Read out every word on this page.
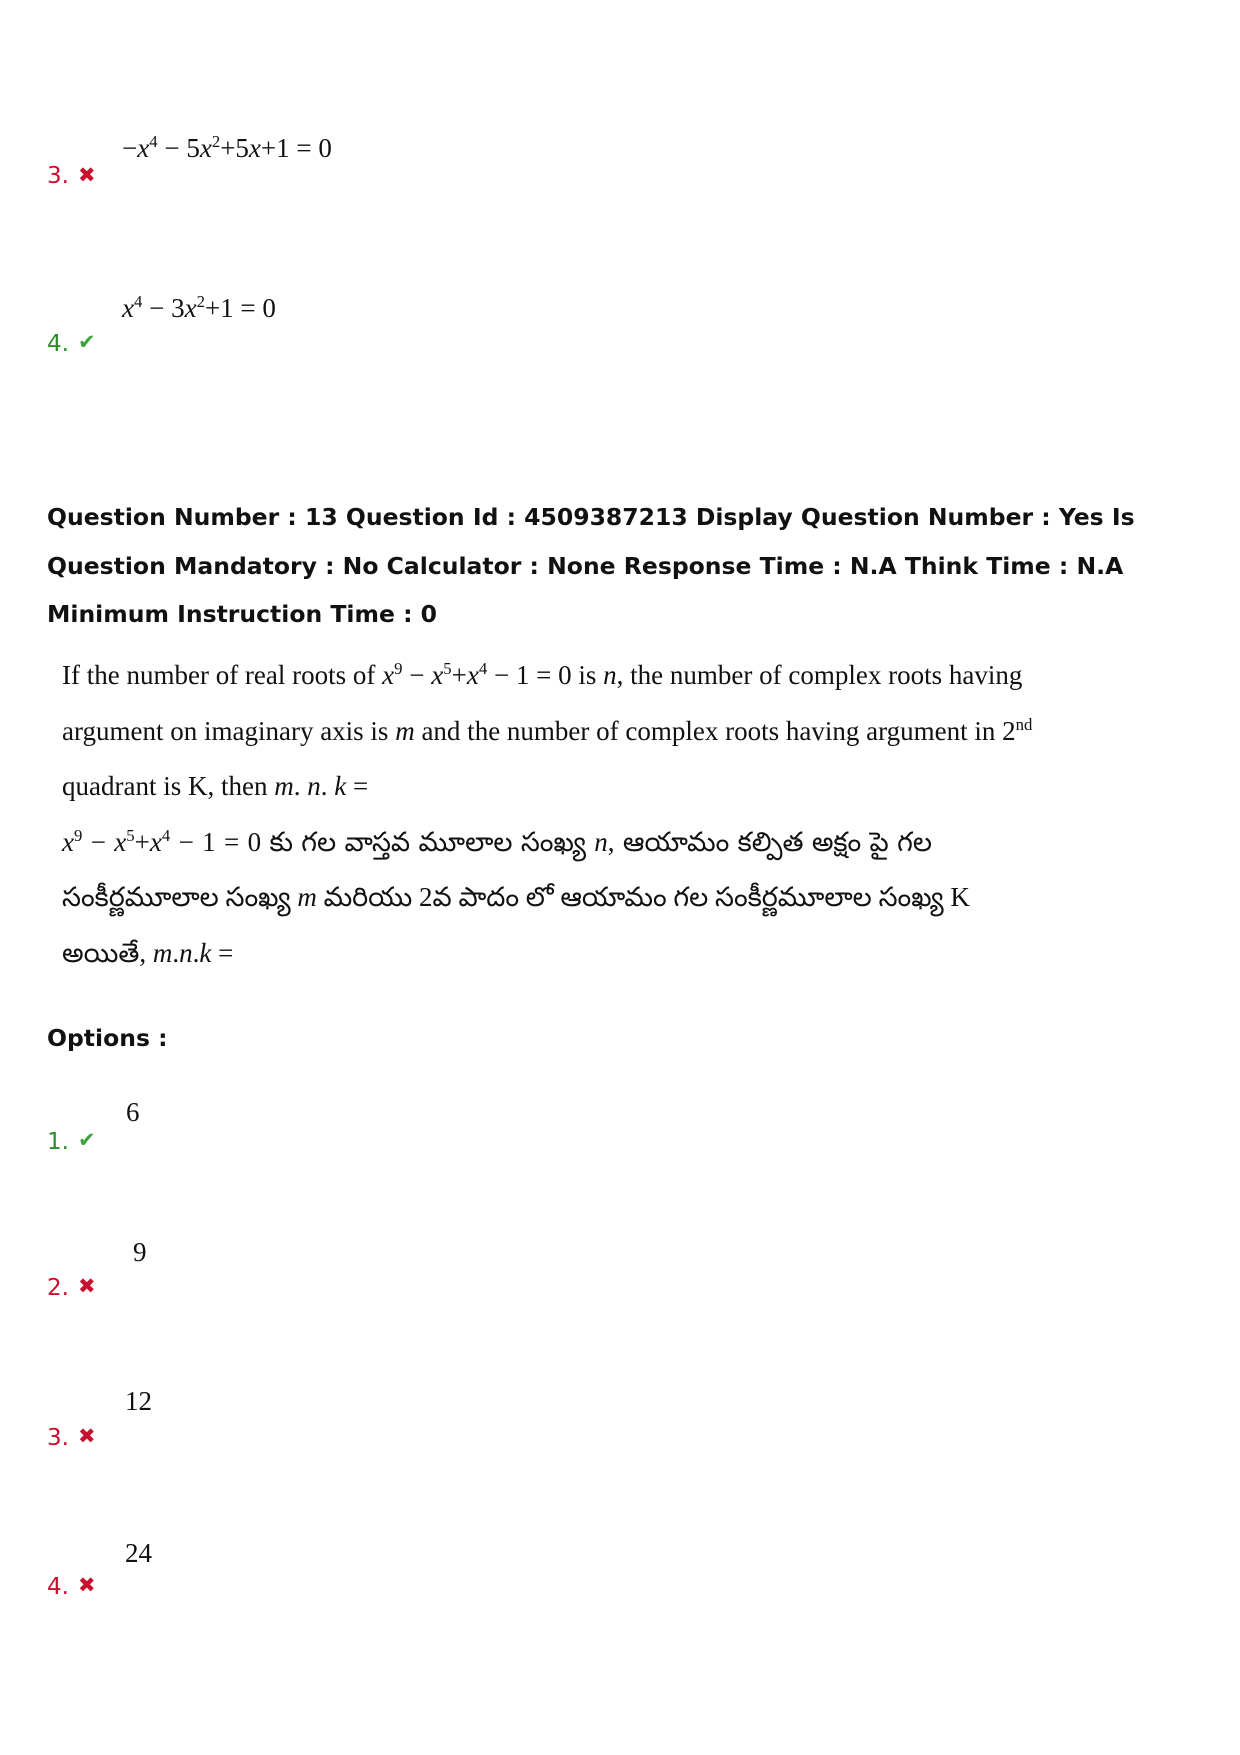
$-x^4 - 5x^2+5x+1 = 0$
3. ✖
$x^4 - 3x^2+1 = 0$
4. ✔
Question Number : 13 Question Id : 4509387213 Display Question Number : Yes Is Question Mandatory : No Calculator : None Response Time : N.A Think Time : N.A Minimum Instruction Time : 0
If the number of real roots of $x^9 - x^5+x^4 - 1 = 0$ is n, the number of complex roots having
argument on imaginary axis is m and the number of complex roots having argument in 2nd
quadrant is K, then m. n. k =
$x^9 - x^5+x^4 - 1 = 0$ కు గల వాస్తవ మూలాల సంఖ్య n, ఆయామం కల్పిత అక్షం పై గల
సంకీర్ణమూలాల సంఖ్య m మరియు 2వ పాదం లో ఆయామం గల సంకీర్ణమూలాల సంఖ్య K
అయితే, m.n.k =
Options :
6
1. ✔
9
2. ✖
12
3. ✖
24
4. ✖
